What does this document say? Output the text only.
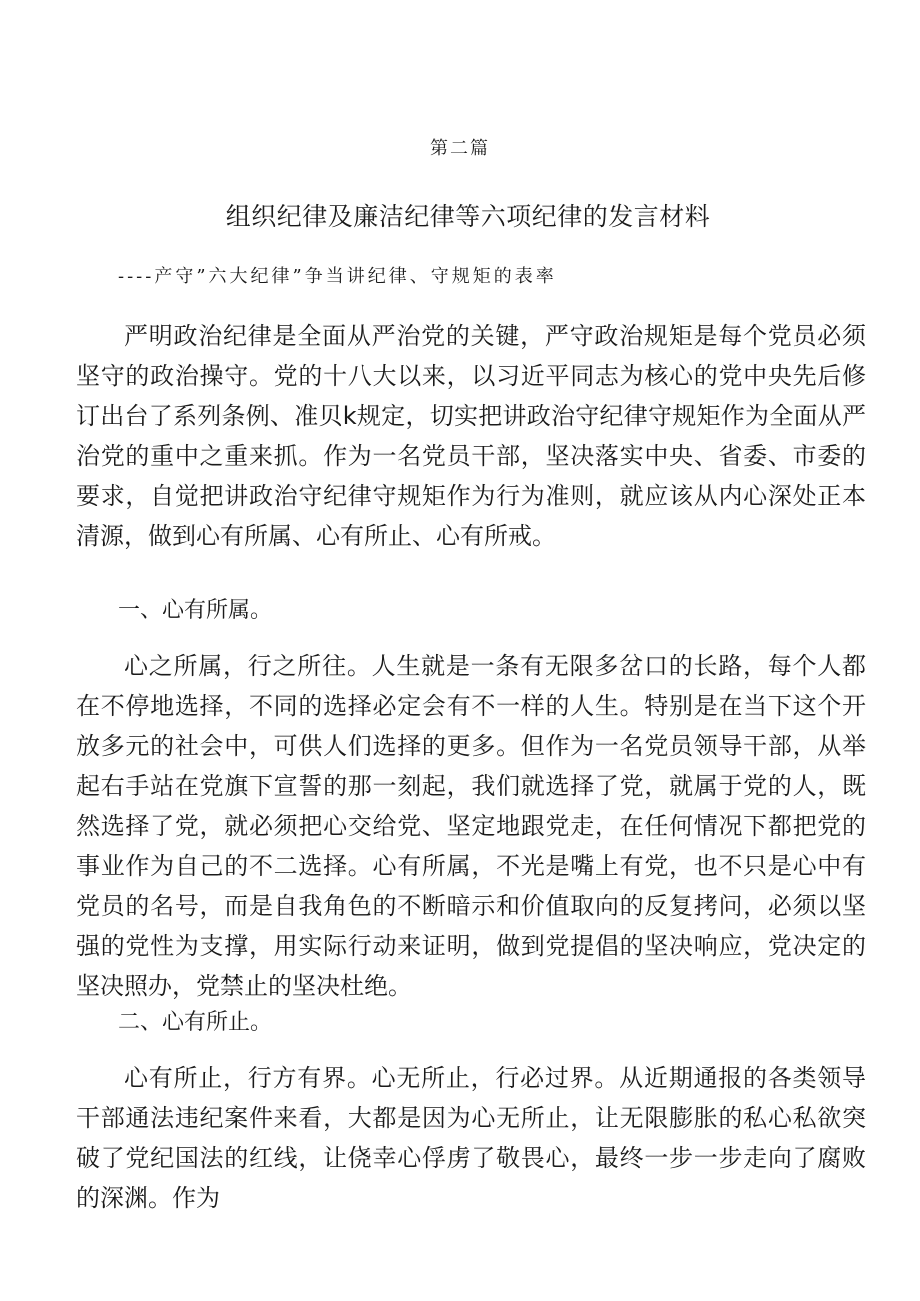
第二篇
组织纪律及廉洁纪律等六项纪律的发言材料
----产守”六大纪律”争当讲纪律、守规矩的表率

严明政治纪律是全面从严治党的关键，严守政治规矩是每个党员必须坚守的政治操守。党的十八大以来，以习近平同志为核心的党中央先后修订出台了系列条例、准贝k规定，切实把讲政治守纪律守规矩作为全面从严治党的重中之重来抓。作为一名党员干部，坚决落实中央、省委、市委的要求，自觉把讲政治守纪律守规矩作为行为准则，就应该从内心深处正本清源，做到心有所属、心有所止、心有所戒。

一、心有所属。

心之所属，行之所往。人生就是一条有无限多岔口的长路，每个人都在不停地选择，不同的选择必定会有不一样的人生。特别是在当下这个开放多元的社会中，可供人们选择的更多。但作为一名党员领导干部，从举起右手站在党旗下宣誓的那一刻起，我们就选择了党，就属于党的人，既然选择了党，就必须把心交给党、坚定地跟党走，在任何情况下都把党的事业作为自己的不二选择。心有所属，不光是嘴上有党，也不只是心中有党员的名号，而是自我角色的不断暗示和价值取向的反复拷问，必须以坚强的党性为支撑，用实际行动来证明，做到党提倡的坚决响应，党决定的坚决照办，党禁止的坚决杜绝。

二、心有所止。

心有所止，行方有界。心无所止，行必过界。从近期通报的各类领导干部通法违纪案件来看，大都是因为心无所止，让无限膨胀的私心私欲突破了党纪国法的红线，让侥幸心俘虏了敬畏心，最终一步一步走向了腐败的深渊。作为
